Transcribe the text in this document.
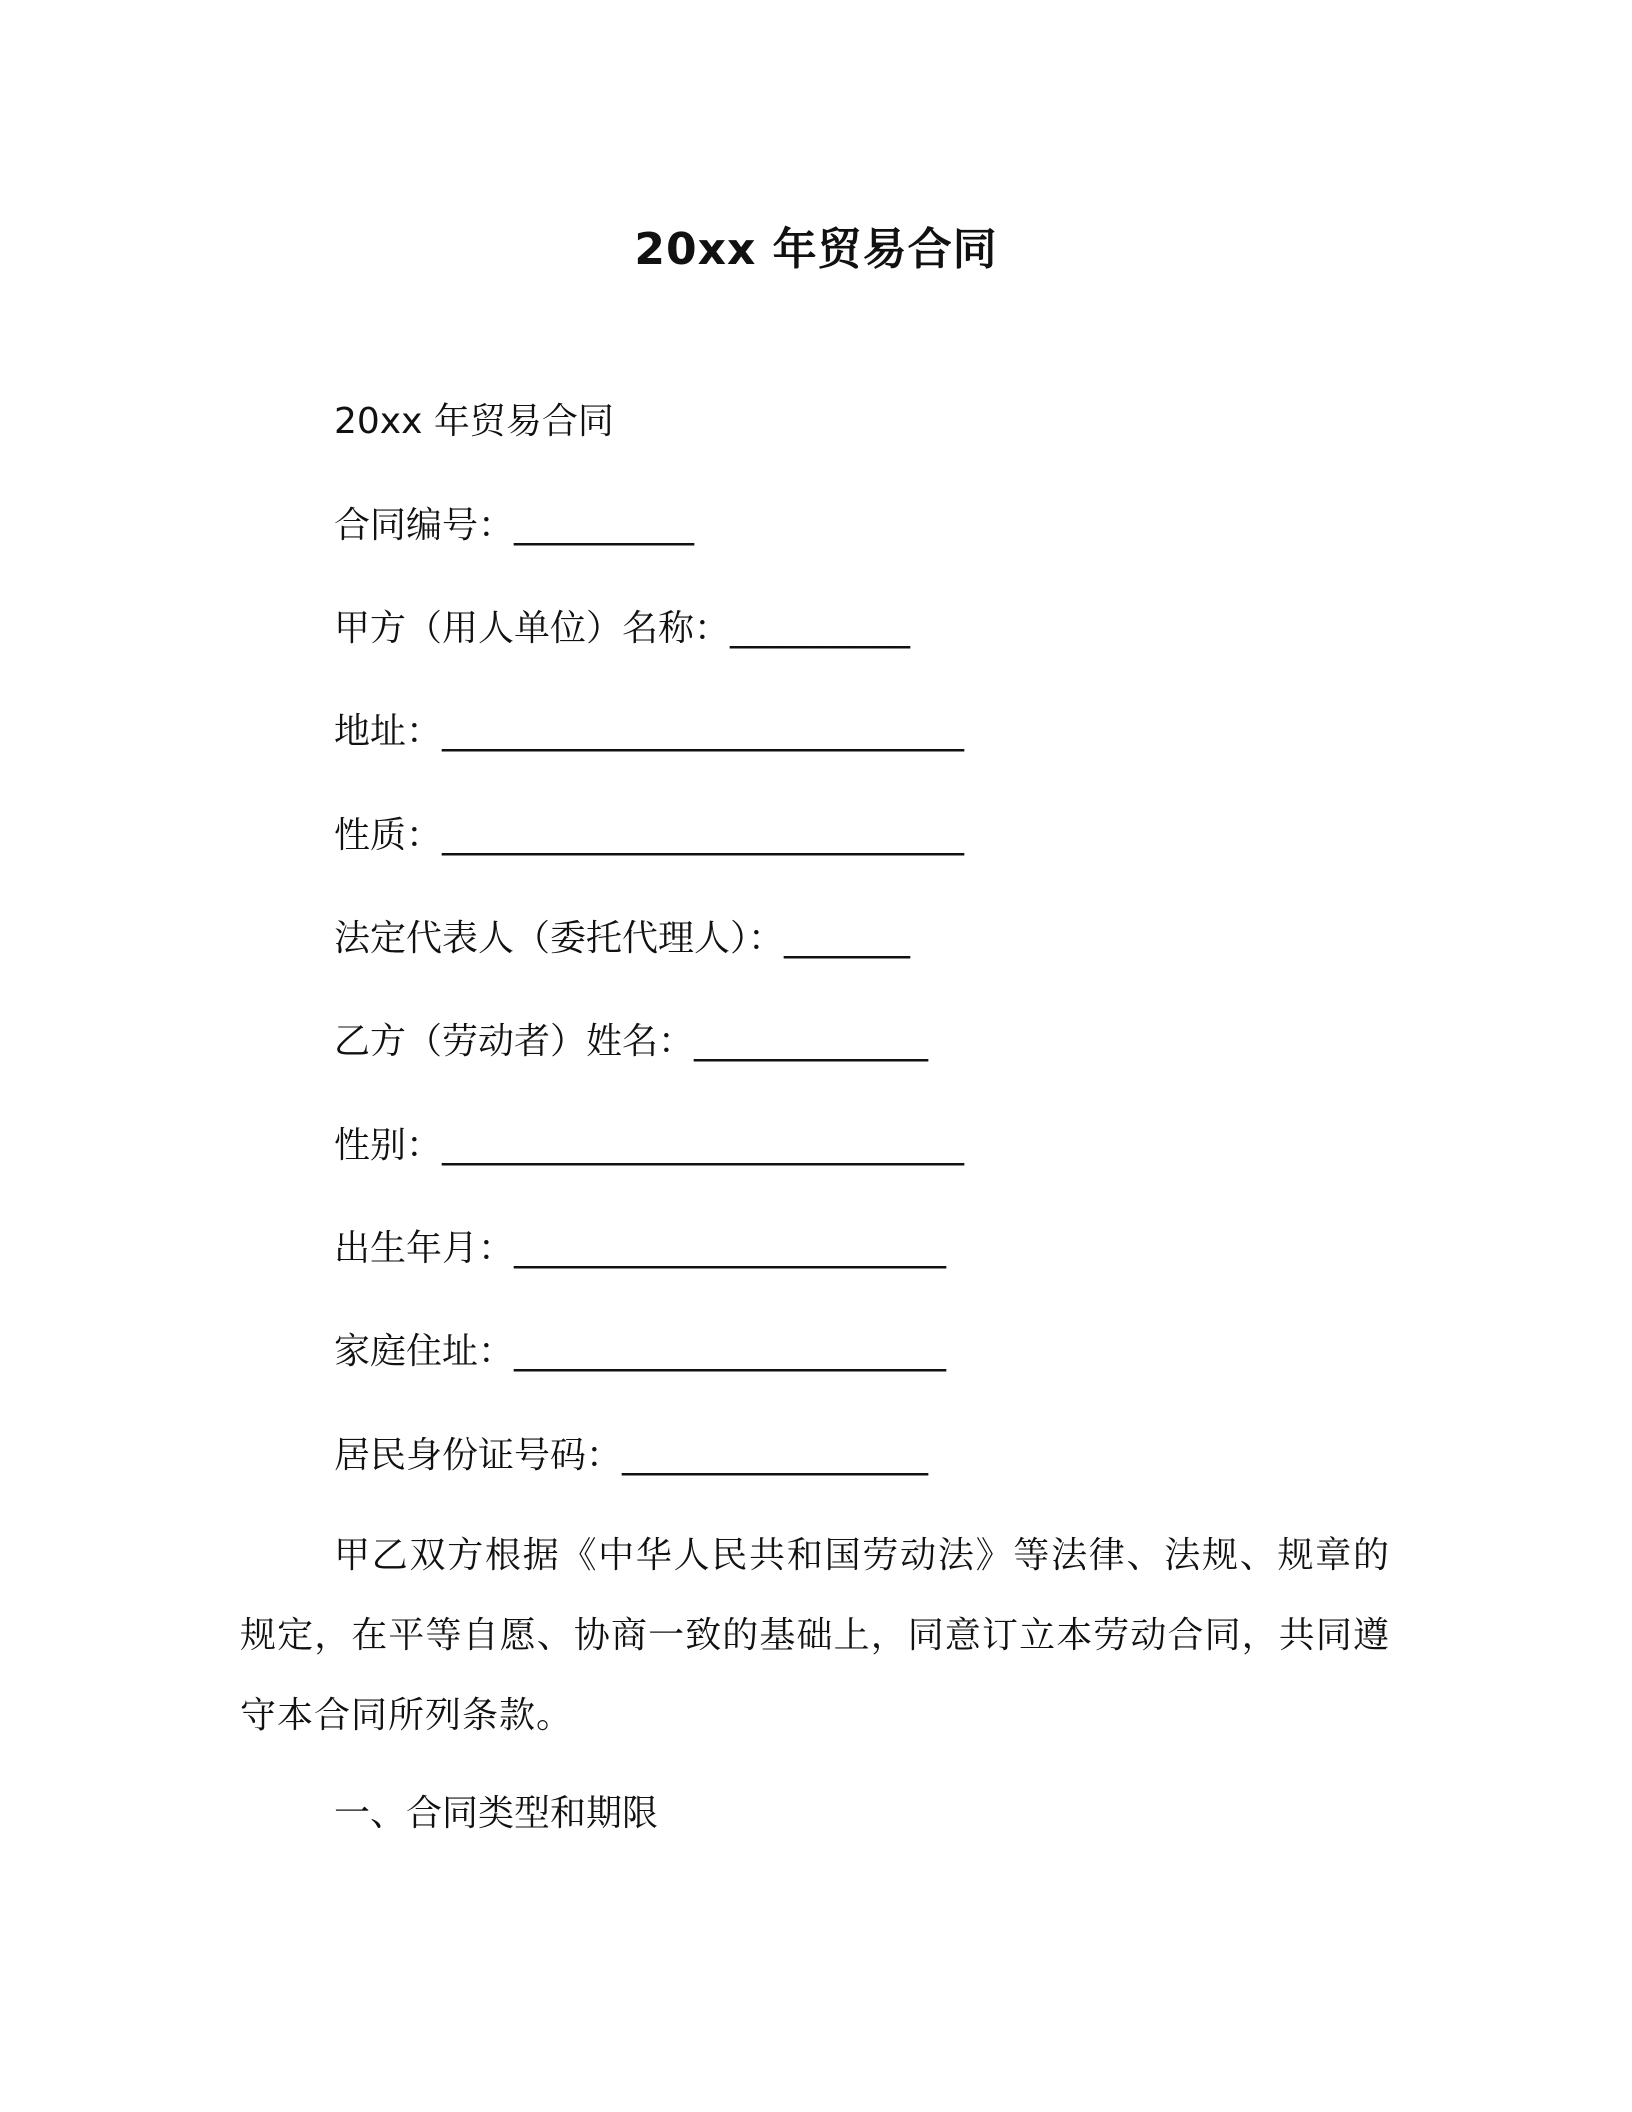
20xx 年贸易合同
20xx 年贸易合同
合同编号：__________
甲方（用人单位）名称：__________
地址：_____________________________
性质：_____________________________
法定代表人（委托代理人）：_______
乙方（劳动者）姓名：_____________
性别：_____________________________
出生年月：________________________
家庭住址：________________________
居民身份证号码：_________________
甲乙双方根据《中华人民共和国劳动法》等法律、法规、规章的规定，在平等自愿、协商一致的基础上，同意订立本劳动合同，共同遵守本合同所列条款。
一、合同类型和期限
